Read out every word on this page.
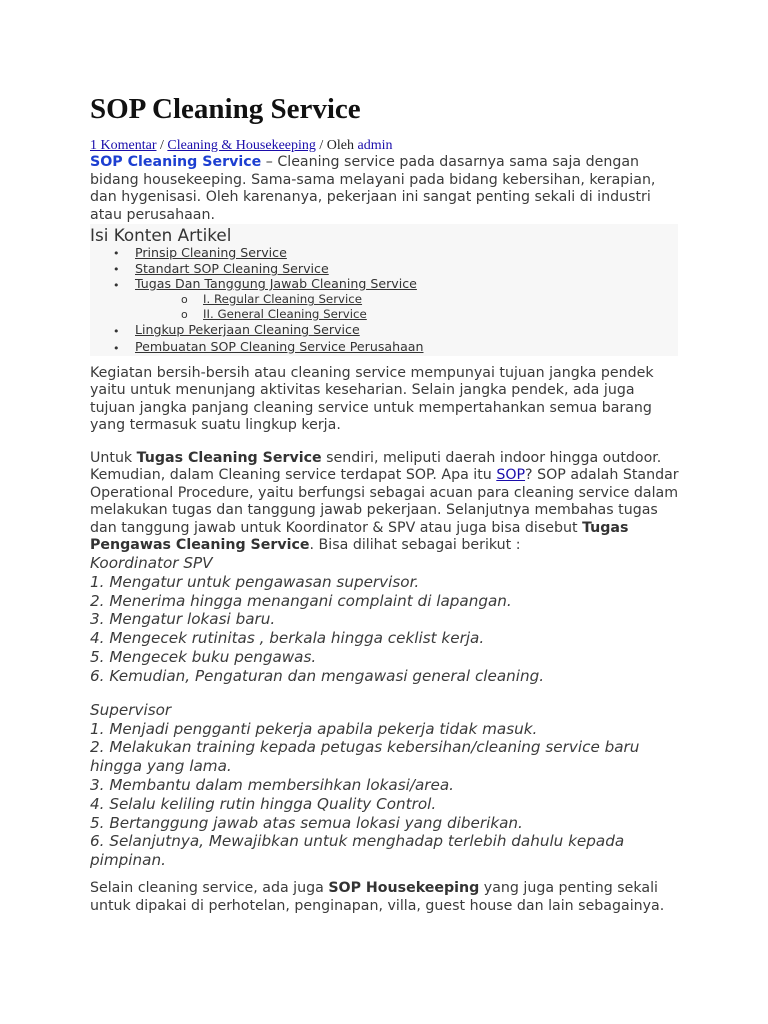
SOP Cleaning Service
1 Komentar / Cleaning & Housekeeping / Oleh admin
SOP Cleaning Service – Cleaning service pada dasarnya sama saja dengan bidang housekeeping. Sama-sama melayani pada bidang kebersihan, kerapian, dan hygenisasi. Oleh karenanya, pekerjaan ini sangat penting sekali di industri atau perusahaan.
Isi Konten Artikel
• Prinsip Cleaning Service
• Standart SOP Cleaning Service
• Tugas Dan Tanggung Jawab Cleaning Service
o I. Regular Cleaning Service
o II. General Cleaning Service
• Lingkup Pekerjaan Cleaning Service
• Pembuatan SOP Cleaning Service Perusahaan
Kegiatan bersih-bersih atau cleaning service mempunyai tujuan jangka pendek yaitu untuk menunjang aktivitas keseharian. Selain jangka pendek, ada juga tujuan jangka panjang cleaning service untuk mempertahankan semua barang yang termasuk suatu lingkup kerja.
Untuk Tugas Cleaning Service sendiri, meliputi daerah indoor hingga outdoor. Kemudian, dalam Cleaning service terdapat SOP. Apa itu SOP? SOP adalah Standar Operational Procedure, yaitu berfungsi sebagai acuan para cleaning service dalam melakukan tugas dan tanggung jawab pekerjaan. Selanjutnya membahas tugas dan tanggung jawab untuk Koordinator & SPV atau juga bisa disebut Tugas Pengawas Cleaning Service. Bisa dilihat sebagai berikut :
Koordinator SPV
1. Mengatur untuk pengawasan supervisor.
2. Menerima hingga menangani complaint di lapangan.
3. Mengatur lokasi baru.
4. Mengecek rutinitas , berkala hingga ceklist kerja.
5. Mengecek buku pengawas.
6. Kemudian, Pengaturan dan mengawasi general cleaning.
Supervisor
1. Menjadi pengganti pekerja apabila pekerja tidak masuk.
2. Melakukan training kepada petugas kebersihan/cleaning service baru hingga yang lama.
3. Membantu dalam membersihkan lokasi/area.
4. Selalu keliling rutin hingga Quality Control.
5. Bertanggung jawab atas semua lokasi yang diberikan.
6. Selanjutnya, Mewajibkan untuk menghadap terlebih dahulu kepada pimpinan.
Selain cleaning service, ada juga SOP Housekeeping yang juga penting sekali untuk dipakai di perhotelan, penginapan, villa, guest house dan lain sebagainya.
